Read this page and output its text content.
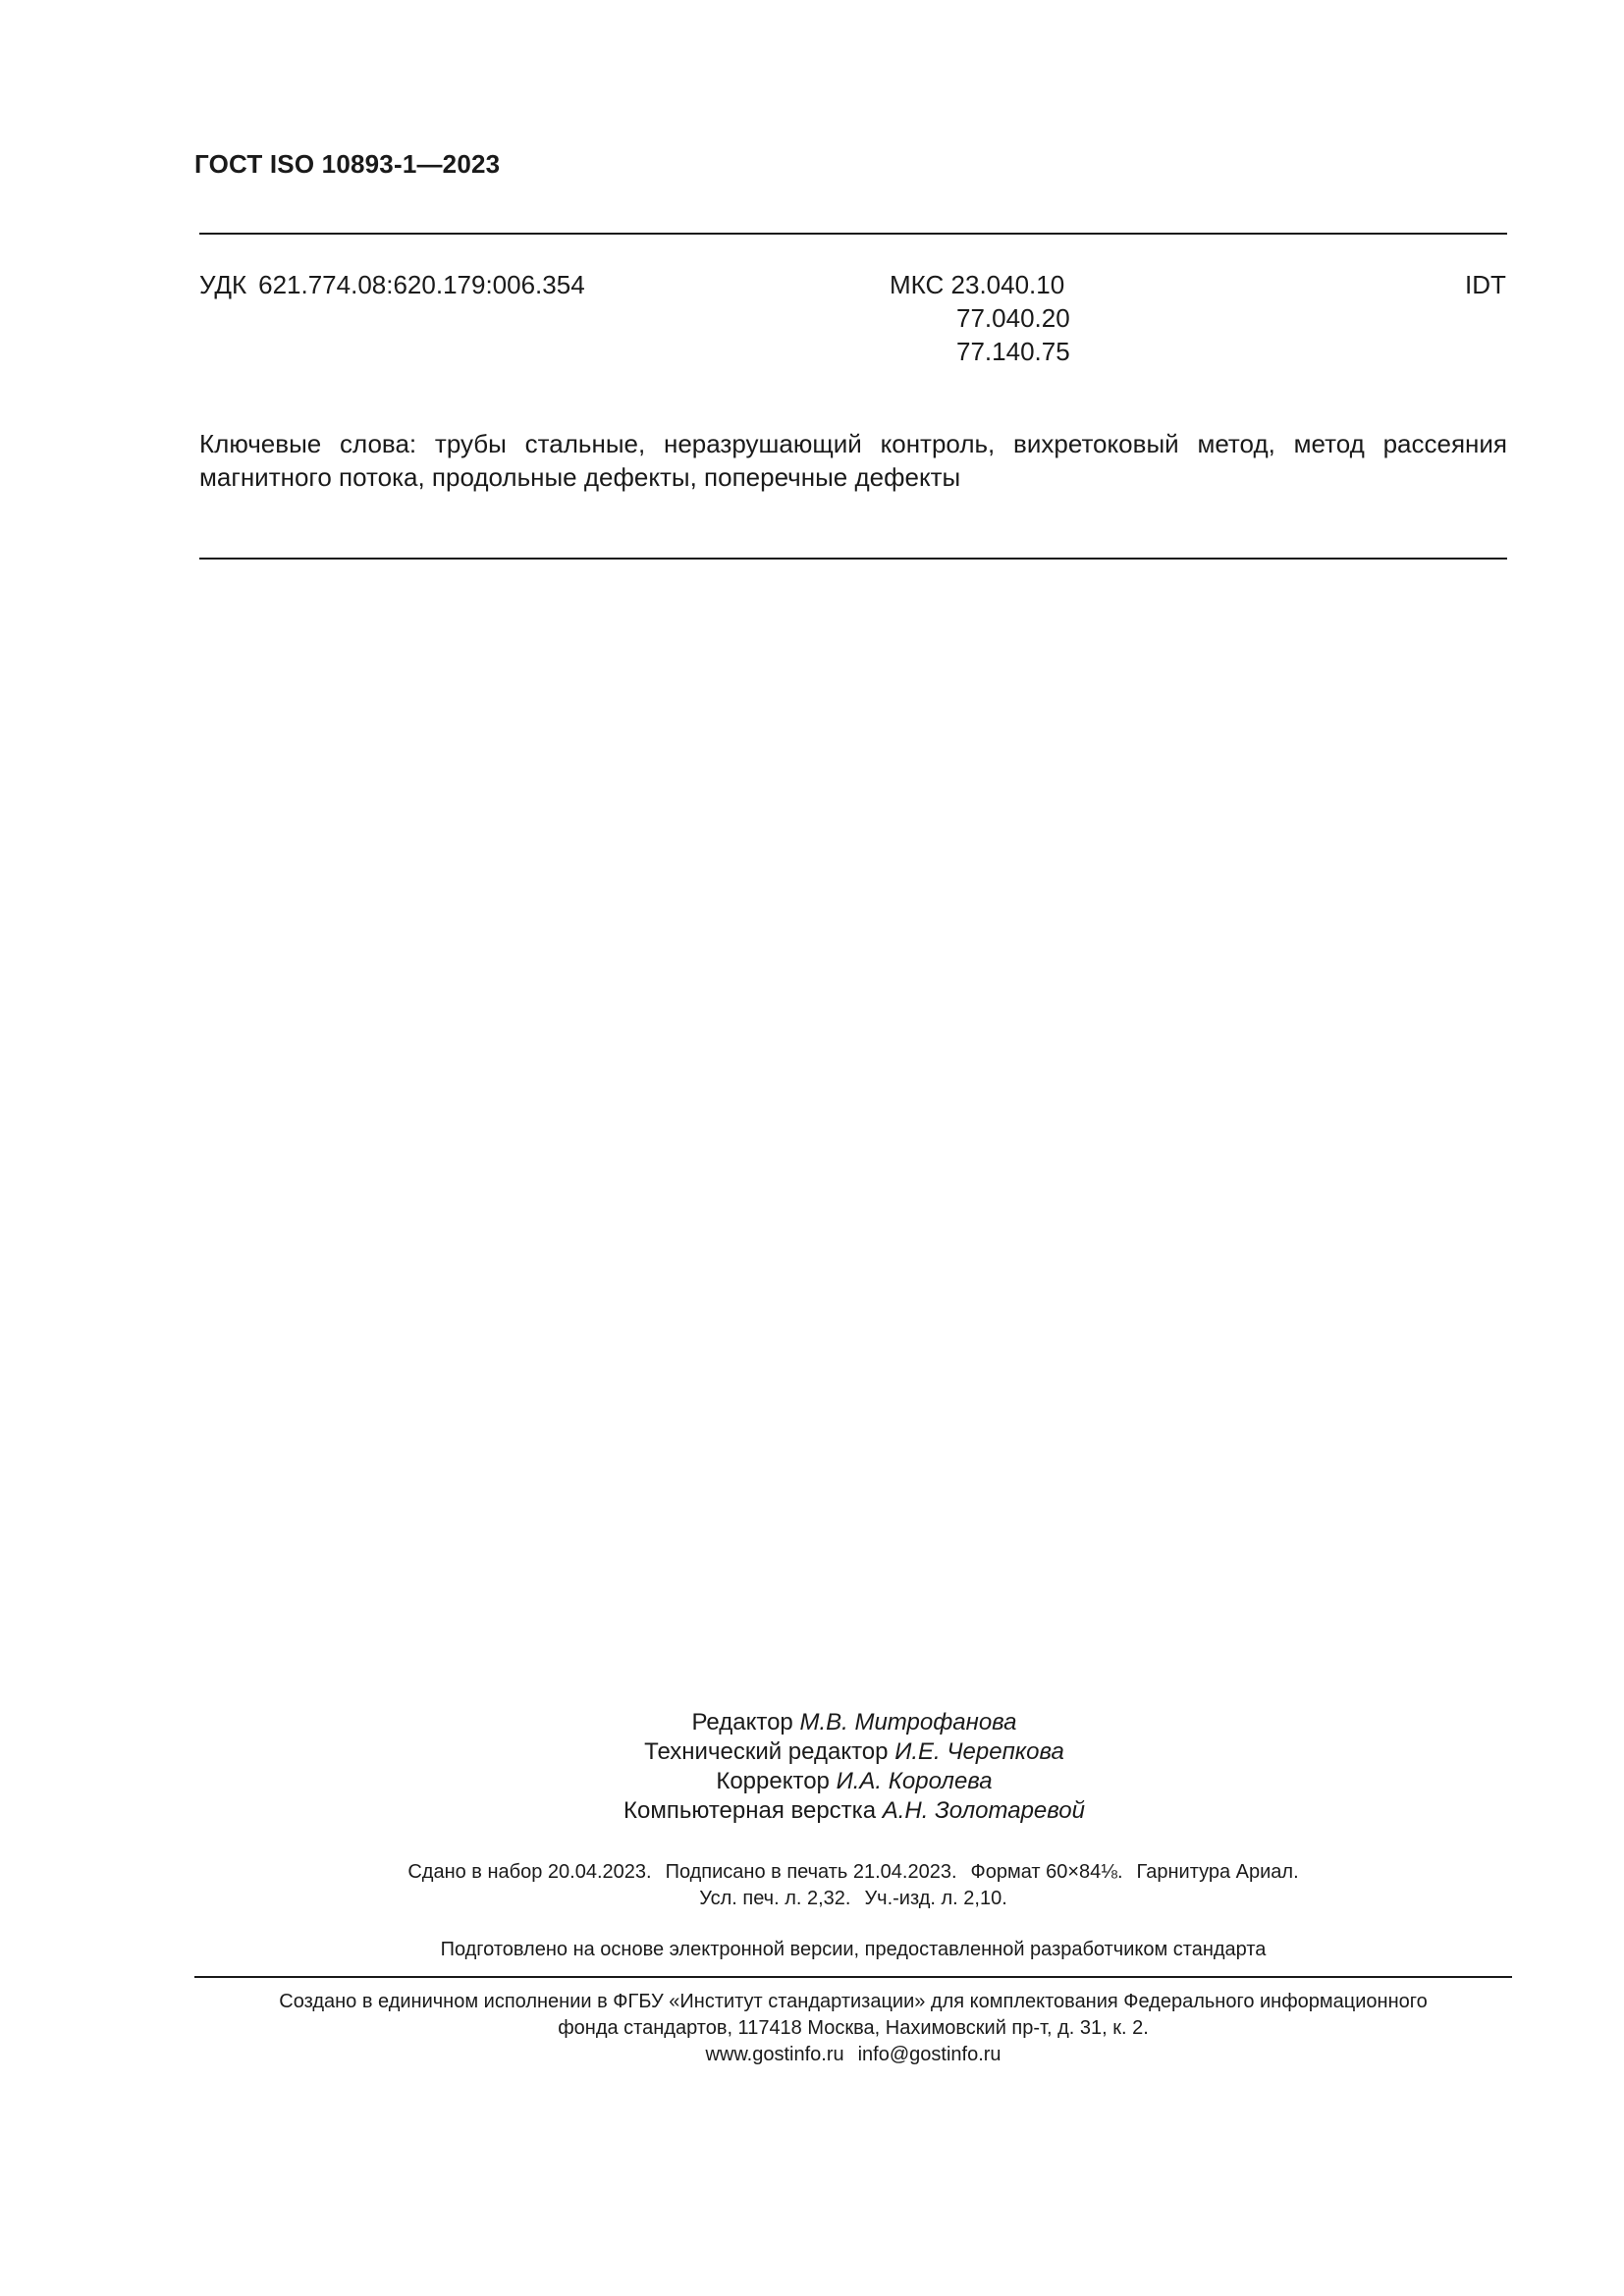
ГОСТ ISO 10893-1—2023
УДК 621.774.08:620.179:006.354	МКС 23.040.10
77.040.20
77.140.75
IDT
Ключевые слова: трубы стальные, неразрушающий контроль, вихретоковый метод, метод рассеяния
магнитного потока, продольные дефекты, поперечные дефекты
Редактор М.В. Митрофанова
Технический редактор И.Е. Черепкова
Корректор И.А. Королева
Компьютерная верстка А.Н. Золотаревой
Сдано в набор 20.04.2023. Подписано в печать 21.04.2023. Формат 60×84⅛. Гарнитура Ариал.
Усл. печ. л. 2,32. Уч.-изд. л. 2,10.
Подготовлено на основе электронной версии, предоставленной разработчиком стандарта
Создано в единичном исполнении в ФГБУ «Институт стандартизации» для комплектования Федерального информационного
фонда стандартов, 117418 Москва, Нахимовский пр-т, д. 31, к. 2.
www.gostinfo.ru info@gostinfo.ru
